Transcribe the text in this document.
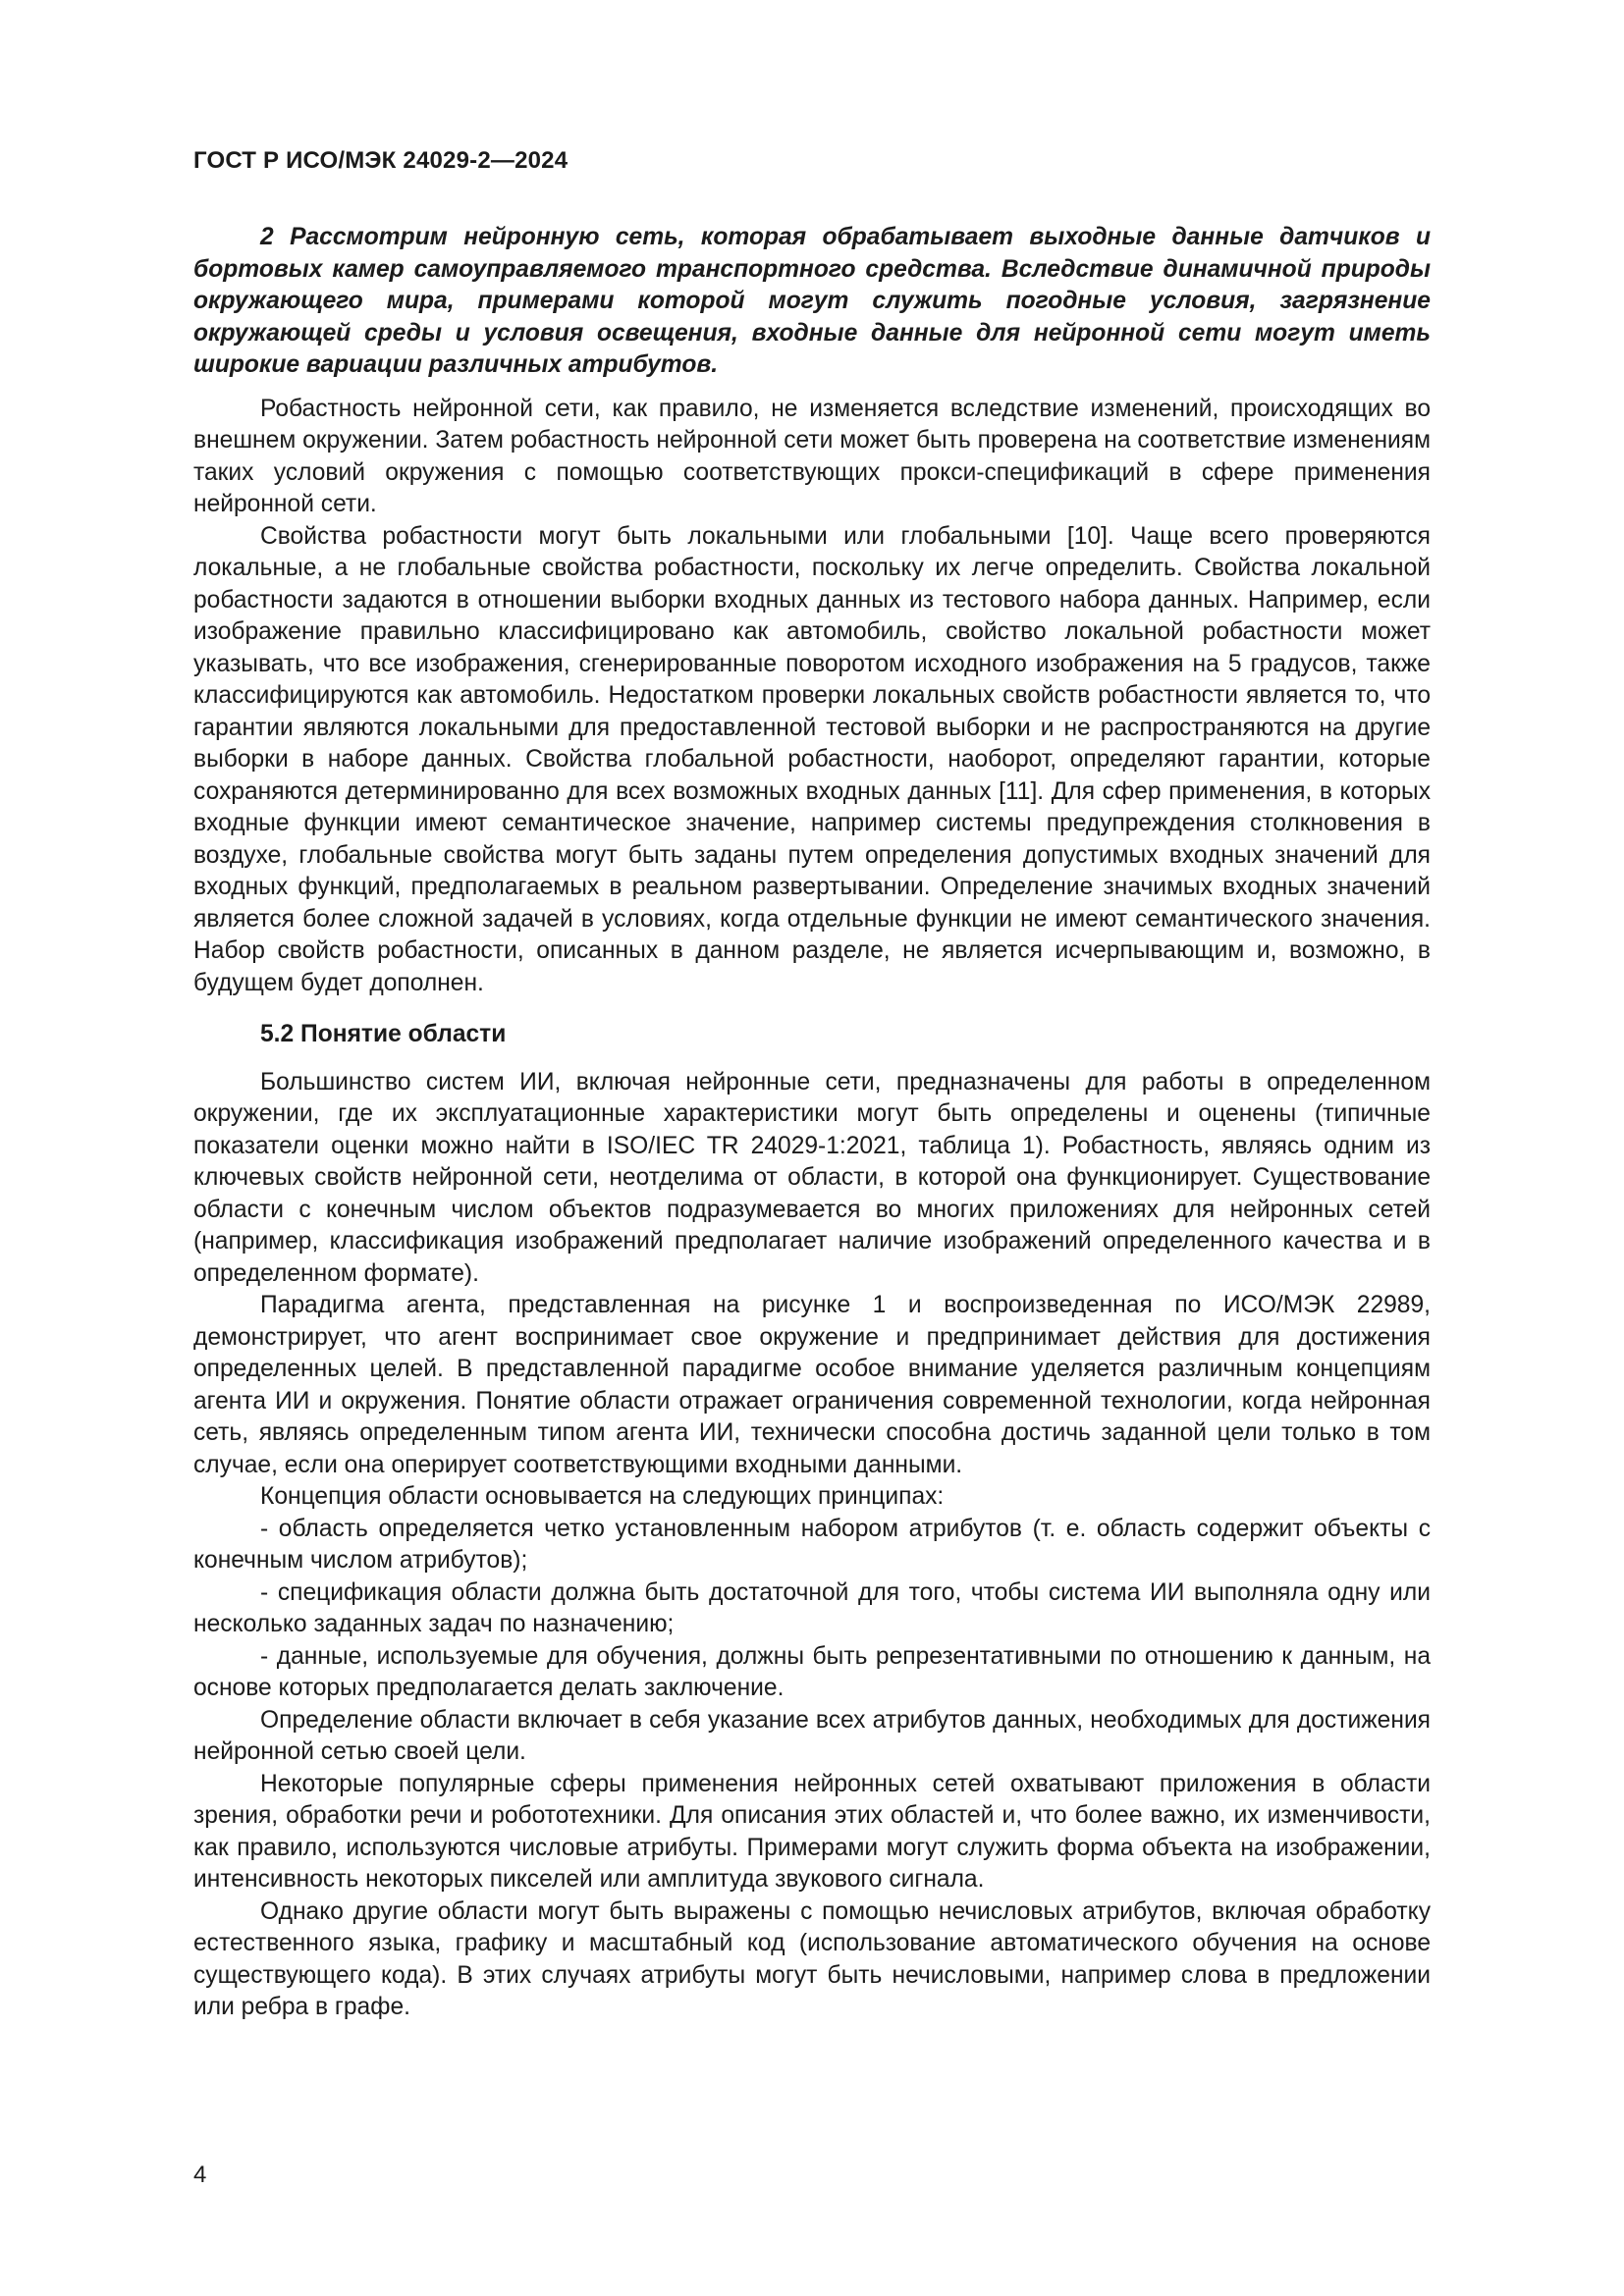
ГОСТ Р ИСО/МЭК 24029-2—2024

2 Рассмотрим нейронную сеть, которая обрабатывает выходные данные датчиков и бортовых камер самоуправляемого транспортного средства. Вследствие динамичной природы окружающего мира, примерами которой могут служить погодные условия, загрязнение окружающей среды и условия освещения, входные данные для нейронной сети могут иметь широкие вариации различных атрибутов.

Робастность нейронной сети, как правило, не изменяется вследствие изменений, происходящих во внешнем окружении. Затем робастность нейронной сети может быть проверена на соответствие изменениям таких условий окружения с помощью соответствующих прокси-спецификаций в сфере применения нейронной сети.

Свойства робастности могут быть локальными или глобальными [10]. Чаще всего проверяются локальные, а не глобальные свойства робастности, поскольку их легче определить. Свойства локальной робастности задаются в отношении выборки входных данных из тестового набора данных. Например, если изображение правильно классифицировано как автомобиль, свойство локальной робастности может указывать, что все изображения, сгенерированные поворотом исходного изображения на 5 градусов, также классифицируются как автомобиль. Недостатком проверки локальных свойств робастности является то, что гарантии являются локальными для предоставленной тестовой выборки и не распространяются на другие выборки в наборе данных. Свойства глобальной робастности, наоборот, определяют гарантии, которые сохраняются детерминированно для всех возможных входных данных [11]. Для сфер применения, в которых входные функции имеют семантическое значение, например системы предупреждения столкновения в воздухе, глобальные свойства могут быть заданы путем определения допустимых входных значений для входных функций, предполагаемых в реальном развертывании. Определение значимых входных значений является более сложной задачей в условиях, когда отдельные функции не имеют семантического значения. Набор свойств робастности, описанных в данном разделе, не является исчерпывающим и, возможно, в будущем будет дополнен.

5.2 Понятие области

Большинство систем ИИ, включая нейронные сети, предназначены для работы в определенном окружении, где их эксплуатационные характеристики могут быть определены и оценены (типичные показатели оценки можно найти в ISO/IEC TR 24029-1:2021, таблица 1). Робастность, являясь одним из ключевых свойств нейронной сети, неотделима от области, в которой она функционирует. Существование области с конечным числом объектов подразумевается во многих приложениях для нейронных сетей (например, классификация изображений предполагает наличие изображений определенного качества и в определенном формате).

Парадигма агента, представленная на рисунке 1 и воспроизведенная по ИСО/МЭК 22989, демонстрирует, что агент воспринимает свое окружение и предпринимает действия для достижения определенных целей. В представленной парадигме особое внимание уделяется различным концепциям агента ИИ и окружения. Понятие области отражает ограничения современной технологии, когда нейронная сеть, являясь определенным типом агента ИИ, технически способна достичь заданной цели только в том случае, если она оперирует соответствующими входными данными.

Концепция области основывается на следующих принципах:

- область определяется четко установленным набором атрибутов (т. е. область содержит объекты с конечным числом атрибутов);

- спецификация области должна быть достаточной для того, чтобы система ИИ выполняла одну или несколько заданных задач по назначению;

- данные, используемые для обучения, должны быть репрезентативными по отношению к данным, на основе которых предполагается делать заключение.

Определение области включает в себя указание всех атрибутов данных, необходимых для достижения нейронной сетью своей цели.

Некоторые популярные сферы применения нейронных сетей охватывают приложения в области зрения, обработки речи и робототехники. Для описания этих областей и, что более важно, их изменчивости, как правило, используются числовые атрибуты. Примерами могут служить форма объекта на изображении, интенсивность некоторых пикселей или амплитуда звукового сигнала.

Однако другие области могут быть выражены с помощью нечисловых атрибутов, включая обработку естественного языка, графику и масштабный код (использование автоматического обучения на основе существующего кода). В этих случаях атрибуты могут быть нечисловыми, например слова в предложении или ребра в графе.

4
